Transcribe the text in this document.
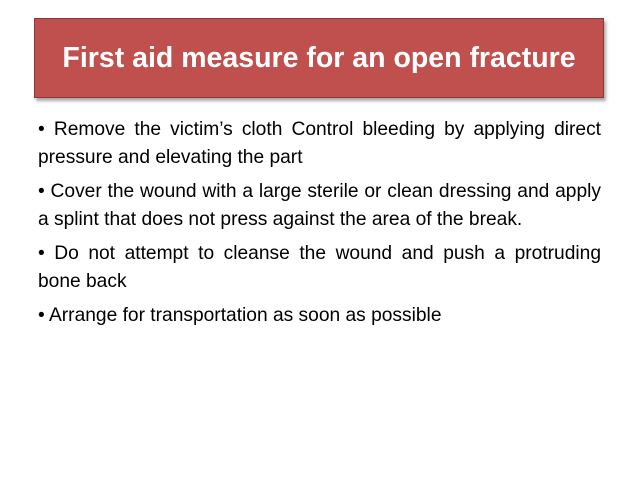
First aid measure for an open fracture

• Remove the victim’s cloth Control bleeding by applying direct pressure and elevating the part

• Cover the wound with a large sterile or clean dressing and apply a splint that does not press against the area of the break.

• Do not attempt to cleanse the wound and push a protruding bone back

• Arrange for transportation as soon as possible
